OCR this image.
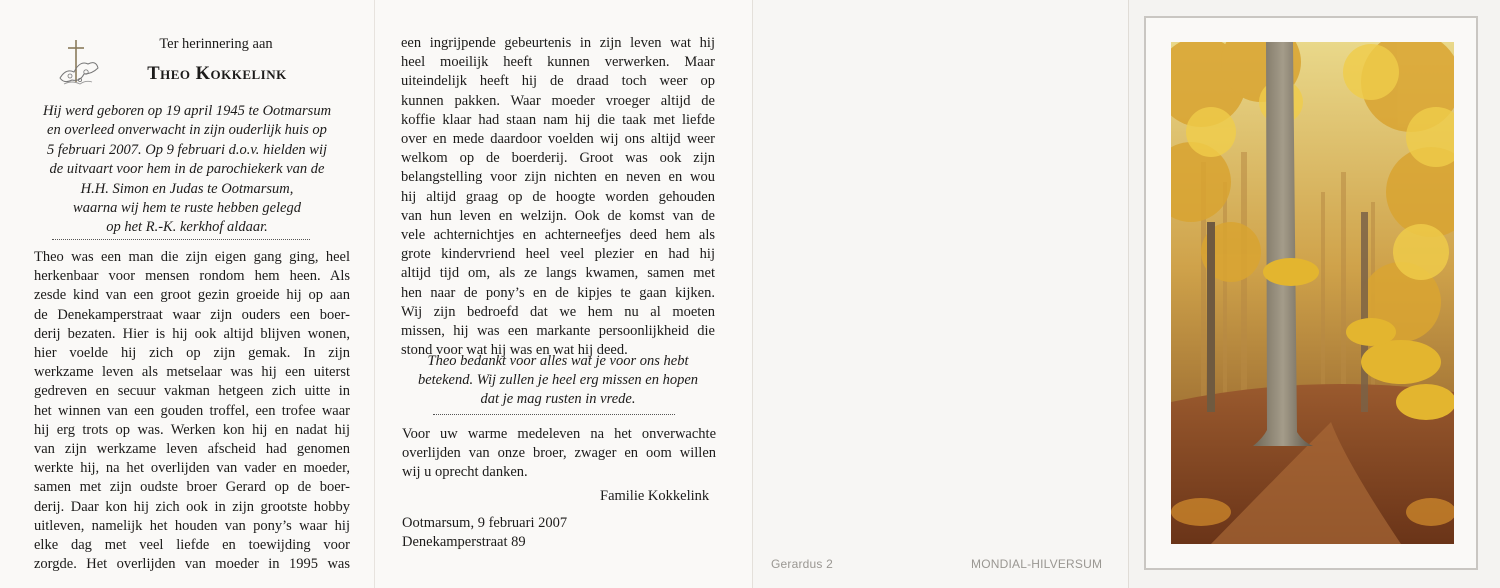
Ter herinnering aan
Theo Kokkelink
Hij werd geboren op 19 april 1945 te Ootmarsum
en overleed onverwacht in zijn ouderlijk huis op
5 februari 2007. Op 9 februari d.o.v. hielden wij
de uitvaart voor hem in de parochiekerk van de
H.H. Simon en Judas te Ootmarsum,
waarna wij hem te ruste hebben gelegd
op het R.-K. kerkhof aldaar.
Theo was een man die zijn eigen gang ging, heel
herkenbaar voor mensen rondom hem heen. Als
zesde kind van een groot gezin groeide hij op aan
de Denekamperstraat waar zijn ouders een boer-
derij bezaten. Hier is hij ook altijd blijven wonen,
hier voelde hij zich op zijn gemak. In zijn
werkzame leven als metselaar was hij een uiterst
gedreven en secuur vakman hetgeen zich uitte in
het winnen van een gouden troffel, een trofee waar
hij erg trots op was. Werken kon hij en nadat hij
van zijn werkzame leven afscheid had genomen
werkte hij, na het overlijden van vader en moeder,
samen met zijn oudste broer Gerard op de boer-
derij. Daar kon hij zich ook in zijn grootste hobby
uitleven, namelijk het houden van pony’s waar hij
elke dag met veel liefde en toewijding voor
zorgde. Het overlijden van moeder in 1995 was
een ingrijpende gebeurtenis in zijn leven wat hij
heel moeilijk heeft kunnen verwerken. Maar
uiteindelijk heeft hij de draad toch weer op
kunnen pakken. Waar moeder vroeger altijd de
koffie klaar had staan nam hij die taak met liefde
over en mede daardoor voelden wij ons altijd weer
welkom op de boerderij. Groot was ook zijn
belangstelling voor zijn nichten en neven en wou
hij altijd graag op de hoogte worden gehouden
van hun leven en welzijn. Ook de komst van de
vele achternichtjes en achterneefjes deed hem als
grote kindervriend heel veel plezier en had hij
altijd tijd om, als ze langs kwamen, samen met
hen naar de pony’s en de kipjes te gaan kijken.
Wij zijn bedroefd dat we hem nu al moeten
missen, hij was een markante persoonlijkheid die
stond voor wat hij was en wat hij deed.
Theo bedankt voor alles wat je voor ons hebt
betekend. Wij zullen je heel erg missen en hopen
dat je mag rusten in vrede.
Voor uw warme medeleven na het onverwachte
overlijden van onze broer, zwager en oom willen
wij u oprecht danken.
Familie Kokkelink
Ootmarsum, 9 februari 2007
Denekamperstraat 89
Gerardus 2	MONDIAL-HILVERSUM
